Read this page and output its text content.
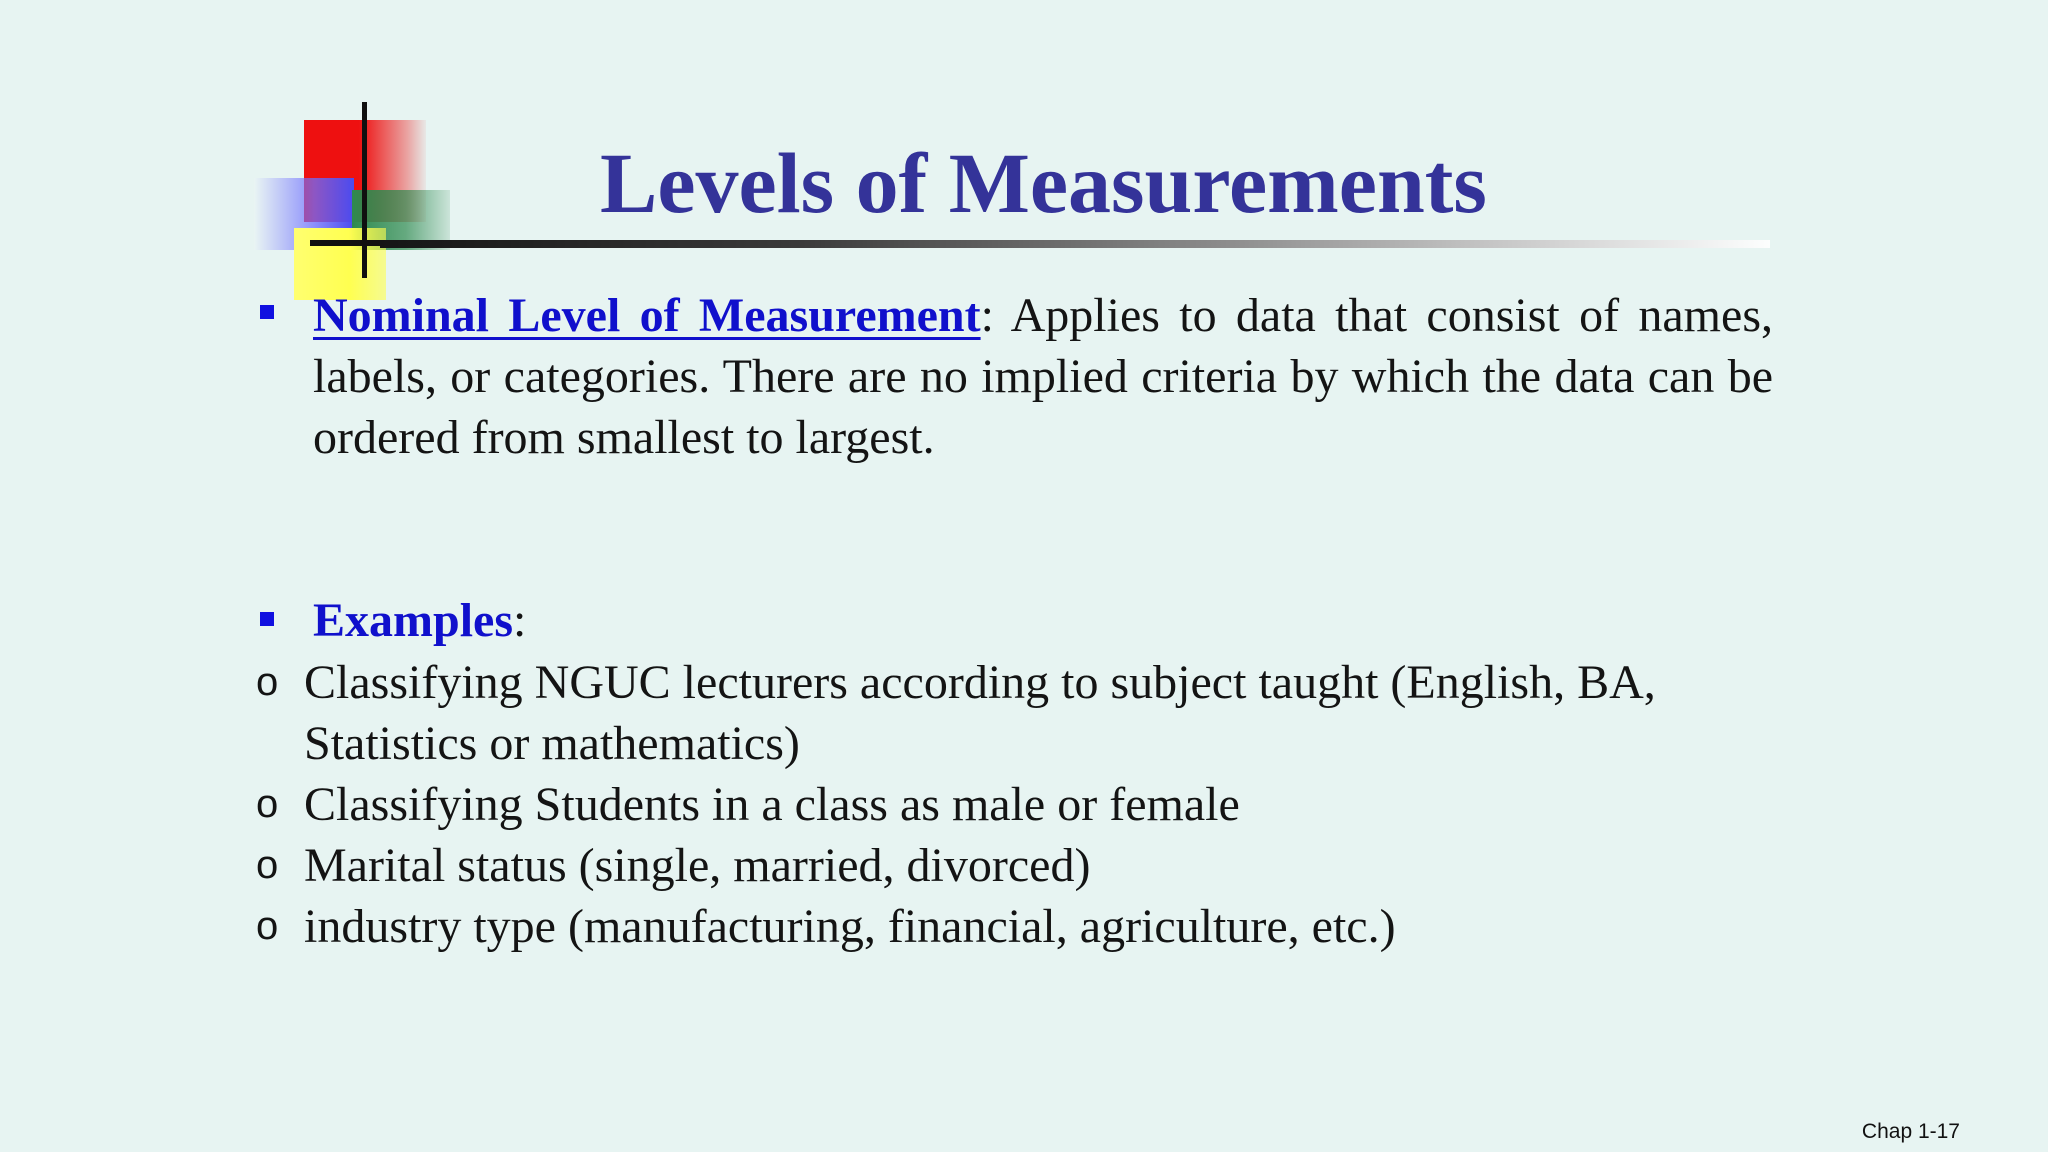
Levels of Measurements
Nominal Level of Measurement: Applies to data that consist of names, labels, or categories. There are no implied criteria by which the data can be ordered from smallest to largest.
Examples:
o Classifying NGUC lecturers according to subject taught (English, BA, Statistics or mathematics)
o Classifying Students in a class as male or female
o Marital status (single, married, divorced)
o industry type (manufacturing, financial, agriculture, etc.)
Chap 1-17
